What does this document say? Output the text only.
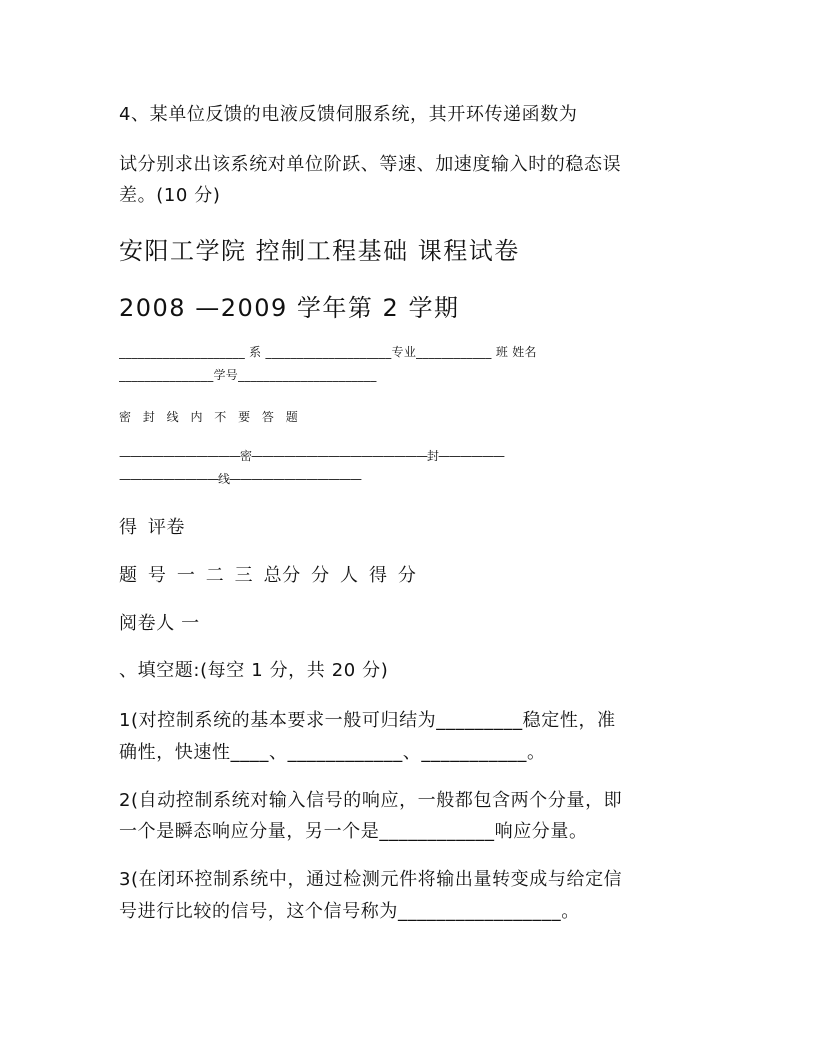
4、某单位反馈的电液反馈伺服系统，其开环传递函数为
试分别求出该系统对单位阶跃、等速、加速度输入时的稳态误
差。(10 分)
安阳工学院 控制工程基础 课程试卷
2008 —2009 学年第 2 学期
____________________ 系 ____________________专业____________ 班 姓名
_______________学号______________________
密 封 线 内 不 要 答 题
———————————密————————————————封——————
—————————线————————————
得 评卷
题 号 一 二 三 总分 分 人 得 分
阅卷人 一
、填空题:(每空 1 分，共 20 分)
1(对控制系统的基本要求一般可归结为_________稳定性，准
确性，快速性____、____________、___________。
2(自动控制系统对输入信号的响应，一般都包含两个分量，即
一个是瞬态响应分量，另一个是____________响应分量。
3(在闭环控制系统中，通过检测元件将输出量转变成与给定信
号进行比较的信号，这个信号称为_________________。
